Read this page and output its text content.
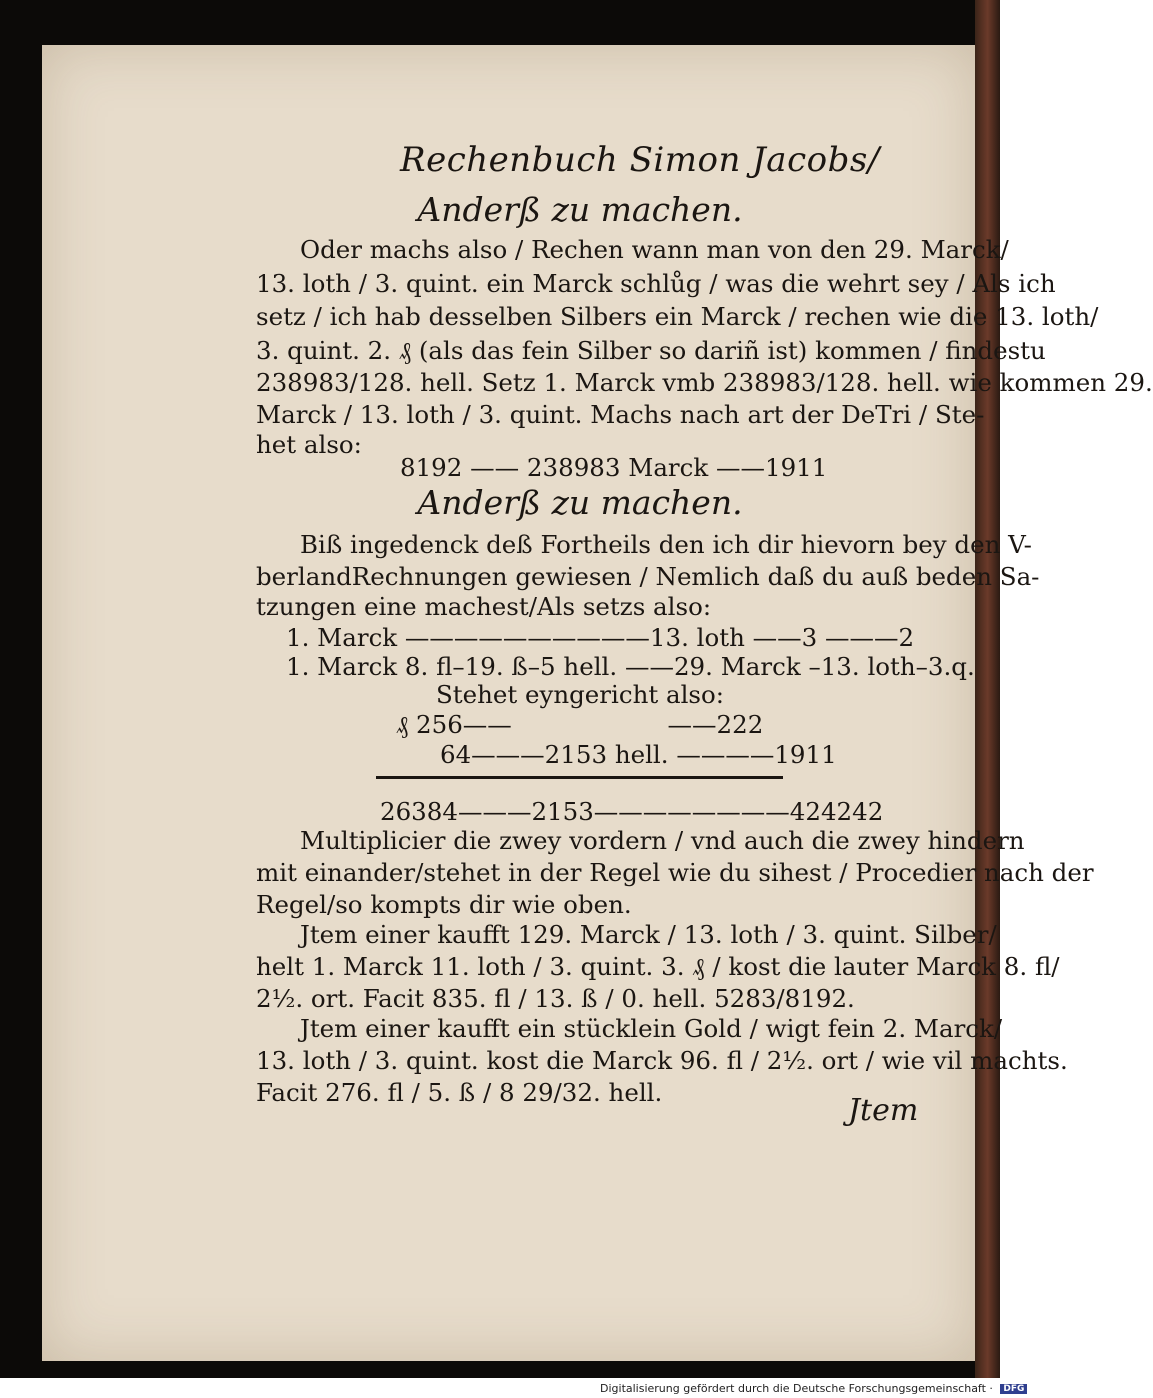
Rechenbuch Simon Jacobs/
Anderß zu machen.
Oder machs also / Rechen wann man von den 29. Marck/
13. loth / 3. quint. ein Marck schlůg / was die wehrt sey / Als ich
setz / ich hab desselben Silbers ein Marck / rechen wie die 13. loth/
3. quint. 2. ₰ (als das fein Silber so dariñ ist) kommen / findestu
238983/128. hell. Setz 1. Marck vmb 238983/128. hell. wie kommen 29.
Marck / 13. loth / 3. quint. Machs nach art der DeTri / Ste-
het also:
8192 —— 238983 Marck ——1911
Anderß zu machen.
Biß ingedenck deß Fortheils den ich dir hievorn bey den V-
berlandRechnungen gewiesen / Nemlich daß du auß beden Sa-
tzungen eine machest/Als setzs also:
1. Marck ——————————13. loth ——3 ———2
1. Marck 8. fl–19. ß–5 hell. ——29. Marck –13. loth–3.q.
Stehet eyngericht also:
₰ 256——                    ——222
64———2153 hell. ————1911
26384———2153————————424242
Multiplicier die zwey vordern / vnd auch die zwey hindern
mit einander/stehet in der Regel wie du sihest / Procedier nach der
Regel/so kompts dir wie oben.
Jtem einer kaufft 129. Marck / 13. loth / 3. quint. Silber/
helt 1. Marck 11. loth / 3. quint. 3. ₰ / kost die lauter Marck 8. fl/
2½. ort. Facit 835. fl / 13. ß / 0. hell. 5283/8192.
Jtem einer kaufft ein stücklein Gold / wigt fein 2. Marck/
13. loth / 3. quint. kost die Marck 96. fl / 2½. ort / wie vil machts.
Facit 276. fl / 5. ß / 8 29/32. hell.
Jtem
Digitalisierung gefördert durch die Deutsche Forschungsgemeinschaft · DFG
